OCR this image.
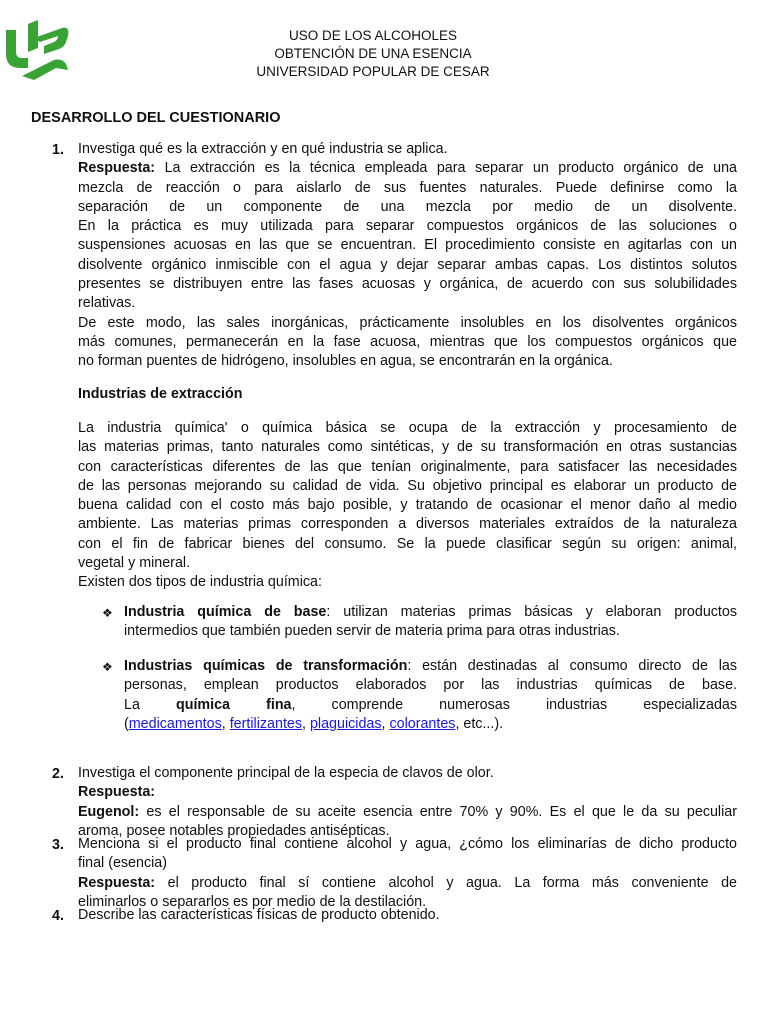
USO DE LOS ALCOHOLES
OBTENCIÓN DE UNA ESENCIA
UNIVERSIDAD POPULAR DE CESAR
DESARROLLO DEL CUESTIONARIO
1. Investiga qué es la extracción y en qué industria se aplica.
Respuesta: La extracción es la técnica empleada para separar un producto orgánico de una
mezcla de reacción o para aislarlo de sus fuentes naturales. Puede definirse como la
separación de un componente de una mezcla por medio de un disolvente.
En la práctica es muy utilizada para separar compuestos orgánicos de las soluciones o
suspensiones acuosas en las que se encuentran. El procedimiento consiste en agitarlas con un
disolvente orgánico inmiscible con el agua y dejar separar ambas capas. Los distintos solutos
presentes se distribuyen entre las fases acuosas y orgánica, de acuerdo con sus solubilidades
relativas.
De este modo, las sales inorgánicas, prácticamente insolubles en los disolventes orgánicos
más comunes, permanecerán en la fase acuosa, mientras que los compuestos orgánicos que
no forman puentes de hidrógeno, insolubles en agua, se encontrarán en la orgánica.
Industrias de extracción
La industria química' o química básica se ocupa de la extracción y procesamiento de
las materias primas, tanto naturales como sintéticas, y de su transformación en otras sustancias
con características diferentes de las que tenían originalmente, para satisfacer las necesidades
de las personas mejorando su calidad de vida. Su objetivo principal es elaborar un producto de
buena calidad con el costo más bajo posible, y tratando de ocasionar el menor daño al medio
ambiente. Las materias primas corresponden a diversos materiales extraídos de la naturaleza
con el fin de fabricar bienes del consumo. Se la puede clasificar según su origen: animal,
vegetal y mineral.
Existen dos tipos de industria química:
❖ Industria química de base: utilizan materias primas básicas y elaboran productos
intermedios que también pueden servir de materia prima para otras industrias.
❖ Industrias químicas de transformación: están destinadas al consumo directo de las
personas, emplean productos elaborados por las industrias químicas de base.
La química fina, comprende numerosas industrias especializadas
(medicamentos, fertilizantes, plaguicidas, colorantes, etc...).
2. Investiga el componente principal de la especia de clavos de olor.
Respuesta:
Eugenol: es el responsable de su aceite esencia entre 70% y 90%. Es el que le da su peculiar
aroma, posee notables propiedades antisépticas.
3. Menciona si el producto final contiene alcohol y agua, ¿cómo los eliminarías de dicho producto
final (esencia)
Respuesta: el producto final sí contiene alcohol y agua. La forma más conveniente de
eliminarlos o separarlos es por medio de la destilación.
4. Describe las características físicas de producto obtenido.
